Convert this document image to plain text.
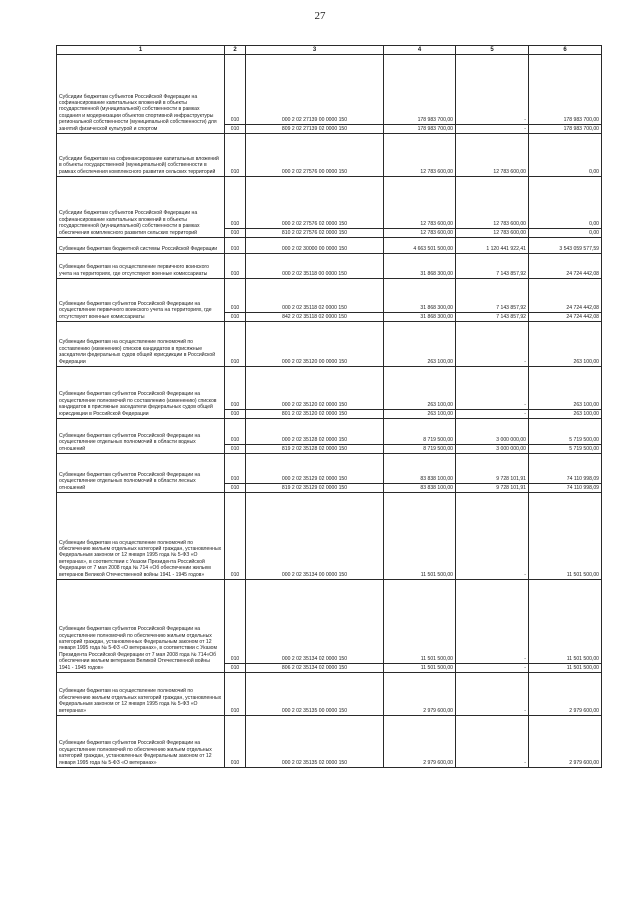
27
1	2	3	4	5	6
Субсидии бюджетам субъектов Российской Федерации на софинансирование капитальных вложений в объекты государственной (муниципальной) собственности в рамках создания и модернизации объектов спортивной инфраструктуры региональной собственности (муниципальной собственности) для занятий физической культурой и спортом	010	000 2 02 27139 00 0000 150	178 983 700,00	-	178 983 700,00
	010	809 2 02 27139 02 0000 150	178 983 700,00	-	178 983 700,00
Субсидии бюджетам на софинансирование капитальных вложений в объекты государственной (муниципальной) собственности в рамках обеспечения комплексного развития сельских территорий	010	000 2 02 27576 00 0000 150	12 783 600,00	12 783 600,00	0,00
Субсидии бюджетам субъектов Российской Федерации на софинансирование капитальных вложений в объекты государственной (муниципальной) собственности в рамках обеспечения комплексного развития сельских территорий	010	000 2 02 27576 02 0000 150	12 783 600,00	12 783 600,00	0,00
	010	810 2 02 27576 02 0000 150	12 783 600,00	12 783 600,00	0,00
Субвенции бюджетам бюджетной системы Российской Федерации	010	000 2 02 30000 00 0000 150	4 663 501 500,00	1 120 441 922,41	3 543 059 577,59
Субвенции бюджетам на осуществление первичного воинского учета на территориях, где отсутствуют военные комиссариаты	010	000 2 02 35118 00 0000 150	31 868 300,00	7 143 857,92	24 724 442,08
Субвенции бюджетам субъектов Российской Федерации на осуществление первичного воинского учета на территориях, где отсутствуют военные комиссариаты	010	000 2 02 35118 02 0000 150	31 868 300,00	7 143 857,92	24 724 442,08
	010	842 2 02 35118 02 0000 150	31 868 300,00	7 143 857,92	24 724 442,08
Субвенции бюджетам на осуществление полномочий по составлению (изменению) списков кандидатов в присяжные заседатели федеральных судов общей юрисдикции в Российской Федерации	010	000 2 02 35120 00 0000 150	263 100,00	-	263 100,00
Субвенции бюджетам субъектов Российской Федерации на осуществление полномочий по составлению (изменению) списков кандидатов в присяжные заседатели федеральных судов общей юрисдикции в Российской Федерации	010	000 2 02 35120 02 0000 150	263 100,00	-	263 100,00
	010	801 2 02 35120 02 0000 150	263 100,00	-	263 100,00
Субвенции бюджетам субъектов Российской Федерации на осуществление отдельных полномочий в области водных отношений	010	000 2 02 35128 02 0000 150	8 719 500,00	3 000 000,00	5 719 500,00
	010	819 2 02 35128 02 0000 150	8 719 500,00	3 000 000,00	5 719 500,00
Субвенции бюджетам субъектов Российской Федерации на осуществление отдельных полномочий в области лесных отношений	010	000 2 02 35129 02 0000 150	83 838 100,00	9 728 101,91	74 110 998,09
	010	819 2 02 35129 02 0000 150	83 838 100,00	9 728 101,91	74 110 998,09
Субвенции бюджетам на осуществление полномочий по обеспечению жильем отдельных категорий граждан, установленных Федеральным законом от 12 января 1995 года № 5-ФЗ «О ветеранах», в соответствии с Указом Президента Российской Федерации от 7 мая 2008 года № 714 «Об обеспечении жильем ветеранов Великой Отечественной войны 1941 - 1945 годов»	010	000 2 02 35134 00 0000 150	11 501 500,00	-	11 501 500,00
Субвенции бюджетам субъектов Российской Федерации на осуществление полномочий по обеспечению жильем отдельных категорий граждан, установленных Федеральным законом от 12 января 1995 года № 5-ФЗ «О ветеранах», в соответствии с Указом Президента Российской Федерации от 7 мая 2008 года № 714«Об обеспечении жильем ветеранов Великой Отечественной войны 1941 - 1945 годов»	010	000 2 02 35134 02 0000 150	11 501 500,00	-	11 501 500,00
	010	806 2 02 35134 02 0000 150	11 501 500,00	-	11 501 500,00
Субвенции бюджетам на осуществление полномочий по обеспечению жильем отдельных категорий граждан, установленных Федеральным законом от 12 января 1995 года № 5-ФЗ «О ветеранах»	010	000 2 02 35135 00 0000 150	2 979 600,00	-	2 979 600,00
Субвенции бюджетам субъектов Российской Федерации на осуществление полномочий по обеспечению жильем отдельных категорий граждан, установленных Федеральным законом от 12 января 1995 года № 5-ФЗ «О ветеранах»	010	000 2 02 35135 02 0000 150	2 979 600,00	-	2 979 600,00
